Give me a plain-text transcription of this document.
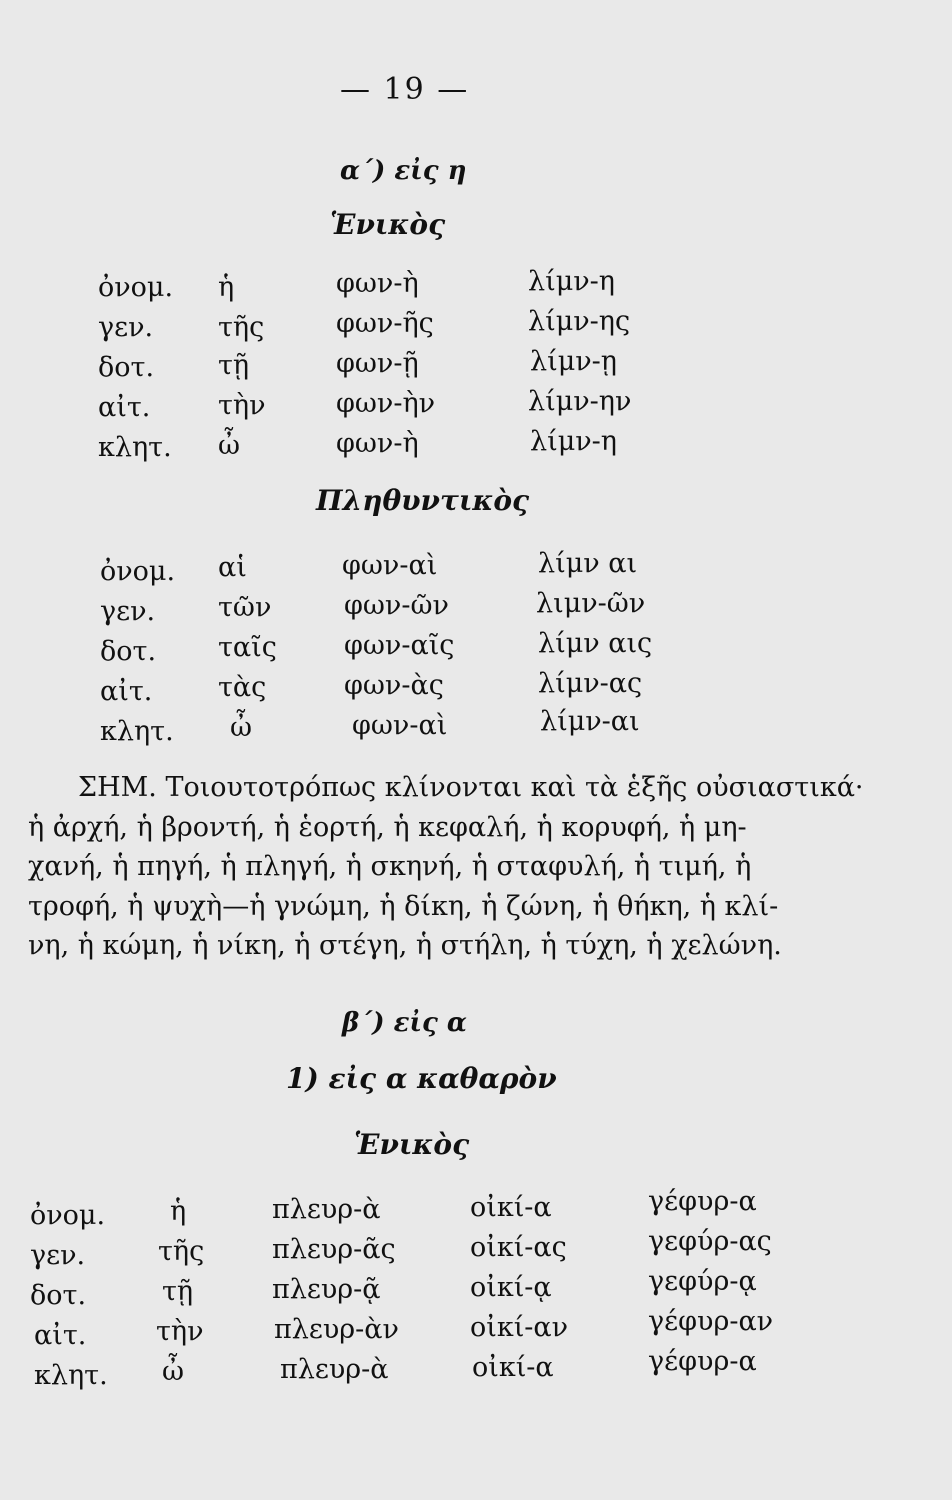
— 19 —
α΄) εἰς η
Ἑνικὸς
ὀνομ. ἡ	φων-ὴ	λίμν-η
γεν. τῆς	φων-ῆς	λίμν-ης
δοτ. τῇ	φων-ῇ	λίμν-ῃ
αἰτ.	τὴν	φων-ὴν	λίμν-ην
κλητ. ὦ	φων-ὴ	λίμν-η
Πληθυντικὸς
ὀνομ. αἱ	φων-αὶ	λίμν αι
γεν. τῶν	φων-ῶν	λιμν-ῶν
δοτ. ταῖς φων-αῖς	λίμν αις
αἰτ. τὰς	φων-ὰς	λίμν-ας
κλητ. ὦ	φων-αὶ	λίμν-αι
ΣΗΜ. Τοιουτοτρόπως κλίνονται καὶ τὰ ἑξῆς οὐσιαστικά·
ἡ ἀρχή, ἡ βροντή, ἡ ἑορτή, ἡ κεφαλή, ἡ κορυφή, ἡ μη-
χανή, ἡ πηγή, ἡ πληγή, ἡ σκηνή, ἡ σταφυλή, ἡ τιμή, ἡ
τροφή, ἡ ψυχὴ—ἡ γνώμη, ἡ δίκη, ἡ ζώνη, ἡ θήκη, ἡ κλί-
νη, ἡ κώμη, ἡ νίκη, ἡ στέγη, ἡ στήλη, ἡ τύχη, ἡ χελώνη.
β΄) εἰς α
1) εἰς α καθαρὸν
Ἑνικὸς
ὀνομ. ἡ	πλευρ-ὰ	οἰκί-α	γέφυρ-α
γεν.	τῆς	πλευρ-ᾶς	οἰκί-ας	γεφύρ-ας
δοτ.	τῇ	πλευρ-ᾷ	οἰκί-ᾳ	γεφύρ-ᾳ
αἰτ.	τὴν	πλευρ-ὰν	οἰκί-αν	γέφυρ-αν
κλητ. ὦ	πλευρ-ὰ	οἰκί-α	γέφυρ-α
